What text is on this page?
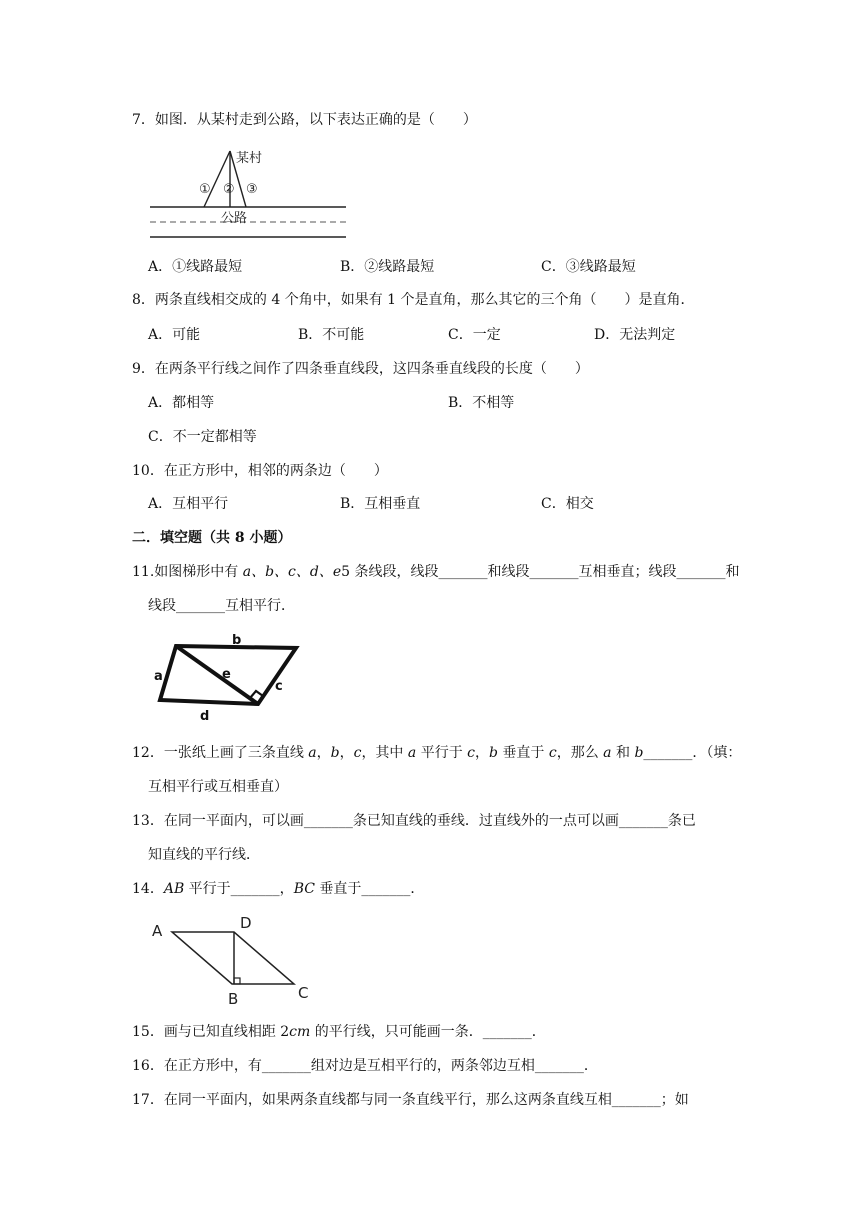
7．如图．从某村走到公路，以下表达正确的是（　　）
某村
公路
① ② ③
A．①线路最短	B．②线路最短	C．③线路最短
8．两条直线相交成的 4 个角中，如果有 1 个是直角，那么其它的三个角（　　）是直角．
A．可能	B．不可能	C．一定	D．无法判定
9．在两条平行线之间作了四条垂直线段，这四条垂直线段的长度（　　）
A．都相等	B．不相等
C．不一定都相等
10．在正方形中，相邻的两条边（　　）
A．互相平行	B．互相垂直	C．相交
二．填空题（共 8 小题）
11.如图梯形中有 a、b、c、d、e5 条线段，线段_______和线段_______互相垂直；线段_______和
线段_______互相平行．
a
b
c
d
e
12．一张纸上画了三条直线 a，b，c，其中 a 平行于 c，b 垂直于 c，那么 a 和 b_______．（填：
互相平行或互相垂直）
13．在同一平面内，可以画_______条已知直线的垂线．过直线外的一点可以画_______条已
知直线的平行线．
14．AB 平行于_______，BC 垂直于_______．
A	D
B	C
15．画与已知直线相距 2cm 的平行线，只可能画一条．_______．
16．在正方形中，有_______组对边是互相平行的，两条邻边互相_______．
17．在同一平面内，如果两条直线都与同一条直线平行，那么这两条直线互相_______；如
